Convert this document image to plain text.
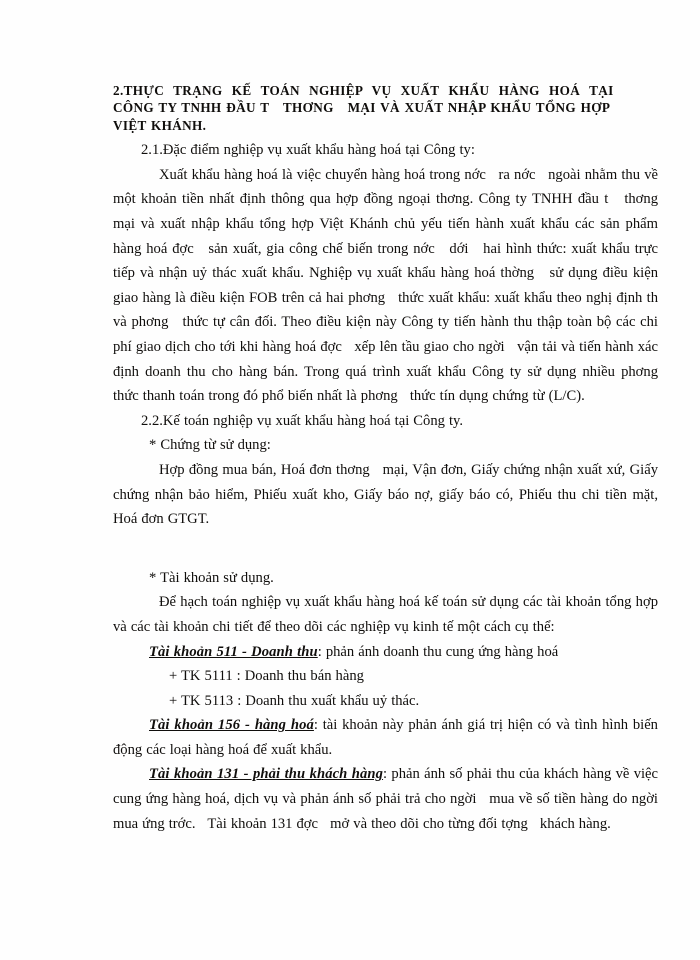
2.THỰC  TRẠNG  KẾ  TOÁN  NGHIỆP  VỤ  XUẤT  KHẨU  HÀNG  HOÁ  TẠI
CÔNG TY TNHH ĐẦU T   THƠNG   MẠI VÀ XUẤT NHẬP KHẨU TỔNG HỢP
VIỆT KHÁNH.

2.1.Đặc điểm nghiệp vụ xuất khẩu hàng hoá tại Công ty:

Xuất khẩu hàng hoá là việc chuyển hàng hoá trong nớc   ra nớc   ngoài nhằm thu về một khoản tiền nhất định thông qua hợp đồng ngoại thơng. Công ty TNHH đầu t   thơng   mại và xuất nhập khẩu tổng hợp Việt Khánh chủ yếu tiến hành xuất khẩu các sản phẩm hàng hoá đợc   sản xuất, gia công chế biến trong nớc   dới   hai hình thức: xuất khẩu trực tiếp và nhận uỷ thác xuất khẩu. Nghiệp vụ xuất khẩu hàng hoá thờng   sử dụng điều kiện giao hàng là điều kiện FOB trên cả hai phơng   thức xuất khẩu: xuất khẩu theo nghị định th   và phơng   thức tự cân đối. Theo điều kiện này Công ty tiến hành thu thập toàn bộ các chi phí giao dịch cho tới khi hàng hoá đợc   xếp lên tầu giao cho ngời   vận tải và tiến hành xác định doanh thu cho hàng bán. Trong quá trình xuất khẩu Công ty sử dụng nhiều phơng   thức thanh toán trong đó phổ biến nhất là phơng   thức tín dụng chứng từ (L/C).

2.2.Kế toán nghiệp vụ xuất khẩu hàng hoá tại Công ty.

* Chứng từ sử dụng:

Hợp đồng mua bán, Hoá đơn thơng   mại, Vận đơn, Giấy chứng nhận xuất xứ, Giấy chứng nhận bảo hiểm, Phiếu xuất kho, Giấy báo nợ, giấy báo có, Phiếu thu chi tiền mặt, Hoá đơn GTGT.

* Tài khoản sử dụng.

Để hạch toán nghiệp vụ xuất khẩu hàng hoá kế toán sử dụng các tài khoản tổng hợp và các tài khoản chi tiết để theo dõi các nghiệp vụ kinh tế một cách cụ thể:

Tài khoản 511 - Doanh thu: phản ánh doanh thu cung ứng hàng hoá

+ TK 5111 : Doanh thu bán hàng

+ TK 5113 : Doanh thu xuất khẩu uỷ thác.

Tài khoản 156 - hàng hoá: tài khoản này phản ánh giá trị hiện có và tình hình biến động các loại hàng hoá để xuất khẩu.

Tài khoản 131 - phải thu khách hàng: phản ánh số phải thu của khách hàng về việc cung ứng hàng hoá, dịch vụ và phản ánh số phải trả cho ngời   mua về số tiền hàng do ngời   mua ứng trớc.   Tài khoản 131 đợc   mở và theo dõi cho từng đối tợng   khách hàng.
